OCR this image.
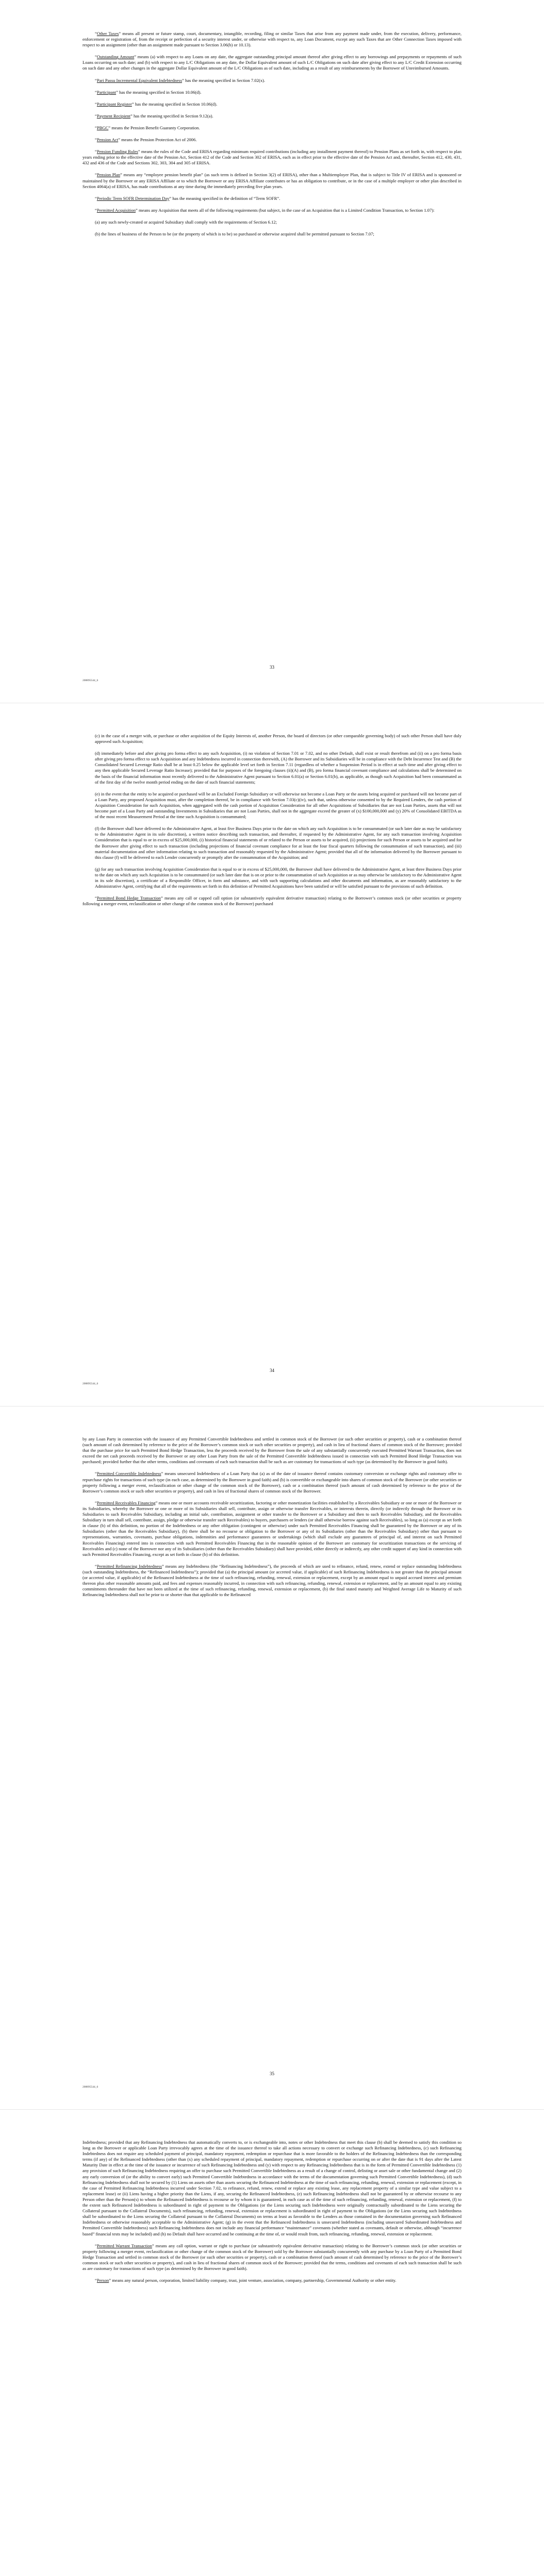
“Other Taxes” means all present or future stamp, court, documentary, intangible, recording, filing or similar Taxes that arise from any payment made under, from the execution, delivery, performance, enforcement or registration of, from the receipt or perfection of a security interest under, or otherwise with respect to, any Loan Document, except any such Taxes that are Other Connection Taxes imposed with respect to an assignment (other than an assignment made pursuant to Section 3.06(b) or 10.13).

“Outstanding Amount” means (a) with respect to any Loans on any date, the aggregate outstanding principal amount thereof after giving effect to any borrowings and prepayments or repayments of such Loans occurring on such date; and (b) with respect to any L/C Obligations on any date, the Dollar Equivalent amount of such L/C Obligations on such date after giving effect to any L/C Credit Extension occurring on such date and any other changes in the aggregate Dollar Equivalent amount of the L/C Obligations as of such date, including as a result of any reimbursements by the Borrower of Unreimbursed Amounts.

“Pari Passu Incremental Equivalent Indebtedness” has the meaning specified in Section 7.02(x).

“Participant” has the meaning specified in Section 10.06(d).

“Participant Register” has the meaning specified in Section 10.06(d).

“Payment Recipient” has the meaning specified in Section 9.12(a).

“PBGC” means the Pension Benefit Guaranty Corporation.

“Pension Act” means the Pension Protection Act of 2006.

“Pension Funding Rules” means the rules of the Code and ERISA regarding minimum required contributions (including any installment payment thereof) to Pension Plans as set forth in, with respect to plan years ending prior to the effective date of the Pension Act, Section 412 of the Code and Section 302 of ERISA, each as in effect prior to the effective date of the Pension Act and, thereafter, Section 412, 430, 431, 432 and 436 of the Code and Sections 302, 303, 304 and 305 of ERISA.

“Pension Plan” means any “employee pension benefit plan” (as such term is defined in Section 3(2) of ERISA), other than a Multiemployer Plan, that is subject to Title IV of ERISA and is sponsored or maintained by the Borrower or any ERISA Affiliate or to which the Borrower or any ERISA Affiliate contributes or has an obligation to contribute, or in the case of a multiple employer or other plan described in Section 4064(a) of ERISA, has made contributions at any time during the immediately preceding five plan years.

“Periodic Term SOFR Determination Day” has the meaning specified in the definition of “Term SOFR”.

“Permitted Acquisition” means any Acquisition that meets all of the following requirements (but subject, in the case of an Acquisition that is a Limited Condition Transaction, to Section 1.07):

(a) any such newly-created or acquired Subsidiary shall comply with the requirements of Section 6.12;

(b) the lines of business of the Person to be (or the property of which is to be) so purchased or otherwise acquired shall be permitted pursuant to Section 7.07;

33
208895544_6

(c) in the case of a merger with, or purchase or other acquisition of the Equity Interests of, another Person, the board of directors (or other comparable governing body) of such other Person shall have duly approved such Acquisition;

(d) immediately before and after giving pro forma effect to any such Acquisition, (i) no violation of Section 7.01 or 7.02, and no other Default, shall exist or result therefrom and (ii) on a pro forma basis after giving pro forma effect to such Acquisition and any Indebtedness incurred in connection therewith, (A) the Borrower and its Subsidiaries will be in compliance with the Debt Incurrence Test and (B) the Consolidated Secured Leverage Ratio shall be at least 0.25 below the applicable level set forth in Section 7.11 (regardless of whether a Suspension Period is in effect at such time and after giving effect to any then applicable Secured Leverage Ratio Increase); provided that for purposes of the foregoing clauses (ii)(A) and (B), pro forma financial covenant compliance and calculations shall be determined on the basis of the financial information most recently delivered to the Administrative Agent pursuant to Section 6.01(a) or Section 6.01(b), as applicable, as though such Acquisition had been consummated as of the first day of the twelve month period ending on the date of such financial statements;

(e) in the event that the entity to be acquired or purchased will be an Excluded Foreign Subsidiary or will otherwise not become a Loan Party or the assets being acquired or purchased will not become part of a Loan Party, any proposed Acquisition must, after the completion thereof, be in compliance with Section 7.03(c)(iv), such that, unless otherwise consented to by the Required Lenders, the cash portion of Acquisition Consideration for such Acquisition, when aggregated with the cash portion of Acquisition Consideration for all other Acquisitions of Subsidiaries that are not Loan Parties, assets that will not become part of a Loan Party and outstanding Investments in Subsidiaries that are not Loan Parties, shall not in the aggregate exceed the greater of (x) $100,000,000 and (y) 20% of Consolidated EBITDA as of the most recent Measurement Period at the time such Acquisition is consummated;

(f) the Borrower shall have delivered to the Administrative Agent, at least five Business Days prior to the date on which any such Acquisition is to be consummated (or such later date as may be satisfactory to the Administrative Agent in its sole discretion), a written notice describing such transaction, and thereafter, if requested by the Administrative Agent, for any such transaction involving Acquisition Consideration that is equal to or in excess of $25,000,000, (i) historical financial statements of or related to the Person or assets to be acquired, (ii) projections for such Person or assets to be acquired and for the Borrower after giving effect to such transaction (including projections of financial covenant compliance for at least the four fiscal quarters following the consummation of such transaction), and (iii) material documentation and other information relating to such transaction and reasonably requested by the Administrative Agent; provided that all of the information delivered by the Borrower pursuant to this clause (f) will be delivered to each Lender concurrently or promptly after the consummation of the Acquisition; and

(g) for any such transaction involving Acquisition Consideration that is equal to or in excess of $25,000,000, the Borrower shall have delivered to the Administrative Agent, at least three Business Days prior to the date on which any such Acquisition is to be consummated (or such later date that is on or prior to the consummation of such Acquisition or as may otherwise be satisfactory to the Administrative Agent in its sole discretion), a certificate of a Responsible Officer, in form and substance, and with such supporting calculations and other documents and information, as are reasonably satisfactory to the Administrative Agent, certifying that all of the requirements set forth in this definition of Permitted Acquisitions have been satisfied or will be satisfied pursuant to the provisions of such definition.

“Permitted Bond Hedge Transaction” means any call or capped call option (or substantively equivalent derivative transaction) relating to the Borrower’s common stock (or other securities or property following a merger event, reclassification or other change of the common stock of the Borrower) purchased

34
208895544_6

by any Loan Party in connection with the issuance of any Permitted Convertible Indebtedness and settled in common stock of the Borrower (or such other securities or property), cash or a combination thereof (such amount of cash determined by reference to the price of the Borrower’s common stock or such other securities or property), and cash in lieu of fractional shares of common stock of the Borrower; provided that the purchase price for such Permitted Bond Hedge Transaction, less the proceeds received by the Borrower from the sale of any substantially concurrently executed Permitted Warrant Transaction, does not exceed the net cash proceeds received by the Borrower or any other Loan Party from the sale of the Permitted Convertible Indebtedness issued in connection with such Permitted Bond Hedge Transaction was purchased; provided further that the other terms, conditions and covenants of each such transaction shall be such as are customary for transactions of such type (as determined by the Borrower in good faith).

“Permitted Convertible Indebtedness” means unsecured Indebtedness of a Loan Party that (a) as of the date of issuance thereof contains customary conversion or exchange rights and customary offer to repurchase rights for transactions of such type (in each case, as determined by the Borrower in good faith) and (b) is convertible or exchangeable into shares of common stock of the Borrower (or other securities or property following a merger event, reclassification or other change of the common stock of the Borrower), cash or a combination thereof (such amount of cash determined by reference to the price of the Borrower’s common stock or such other securities or property), and cash in lieu of fractional shares of common stock of the Borrower.

“Permitted Receivables Financing” means one or more accounts receivable securitization, factoring or other monetization facilities established by a Receivables Subsidiary or one or more of the Borrower or its Subsidiaries, whereby the Borrower or one or more of its Subsidiaries shall sell, contribute, assign or otherwise transfer Receivables, or interests therein, directly (or indirectly through the Borrower or its Subsidiaries to such Receivables Subsidiary, including an initial sale, contribution, assignment or other transfer to the Borrower or a Subsidiary and then to such Receivables Subsidiary, and the Receivables Subsidiary in turn shall sell, contribute, assign, pledge or otherwise transfer such Receivables) to buyers, purchasers or lenders (or shall otherwise borrow against such Receivables), so long as (a) except as set forth in clause (b) of this definition, no portion of the Indebtedness or any other obligation (contingent or otherwise) under such Permitted Receivables Financing shall be guaranteed by the Borrower or any of its Subsidiaries (other than the Receivables Subsidiary), (b) there shall be no recourse or obligation to the Borrower or any of its Subsidiaries (other than the Receivables Subsidiary) other than pursuant to representations, warranties, covenants, purchase obligations, indemnities and performance guarantees or undertakings (which shall exclude any guarantees of principal of, and interest on such Permitted Receivables Financing) entered into in connection with such Permitted Receivables Financing that in the reasonable opinion of the Borrower are customary for securitization transactions or the servicing of Receivables and (c) none of the Borrower nor any of its Subsidiaries (other than the Receivables Subsidiary) shall have provided, either directly or indirectly, any other credit support of any kind in connection with such Permitted Receivables Financing, except as set forth in clause (b) of this definition.

“Permitted Refinancing Indebtedness” means any Indebtedness (the “Refinancing Indebtedness”), the proceeds of which are used to refinance, refund, renew, extend or replace outstanding Indebtedness (such outstanding Indebtedness, the “Refinanced Indebtedness”); provided that (a) the principal amount (or accreted value, if applicable) of such Refinancing Indebtedness is not greater than the principal amount (or accreted value, if applicable) of the Refinanced Indebtedness at the time of such refinancing, refunding, renewal, extension or replacement, except by an amount equal to unpaid accrued interest and premium thereon plus other reasonable amounts paid, and fees and expenses reasonably incurred, in connection with such refinancing, refunding, renewal, extension or replacement, and by an amount equal to any existing commitments thereunder that have not been utilized at the time of such refinancing, refunding, renewal, extension or replacement, (b) the final stated maturity and Weighted Average Life to Maturity of such Refinancing Indebtedness shall not be prior to or shorter than that applicable to the Refinanced

35
208895544_6

Indebtedness; provided that any Refinancing Indebtedness that automatically converts to, or is exchangeable into, notes or other Indebtedness that meet this clause (b) shall be deemed to satisfy this condition so long as the Borrower or applicable Loan Party irrevocably agrees at the time of the issuance thereof to take all actions necessary to convert or exchange such Refinancing Indebtedness, (c) such Refinancing Indebtedness does not require any scheduled payment of principal, mandatory repayment, redemption or repurchase that is more favorable to the holders of the Refinancing Indebtedness than the corresponding terms (if any) of the Refinanced Indebtedness (other than (x) any scheduled repayment of principal, mandatory repayment, redemption or repurchase occurring on or after the date that is 91 days after the Latest Maturity Date in effect at the time of the issuance or incurrence of such Refinancing Indebtedness and (y) with respect to any Refinancing Indebtedness that is in the form of Permitted Convertible Indebtedness (1) any provision of such Refinancing Indebtedness requiring an offer to purchase such Permitted Convertible Indebtedness as a result of a change of control, delisting or asset sale or other fundamental change and (2) any early conversion of (or the ability to convert early) such Permitted Convertible Indebtedness in accordance with the terms of the documentation governing such Permitted Convertible Indebtedness), (d) such Refinancing Indebtedness shall not be secured by (1) Liens on assets other than assets securing the Refinanced Indebtedness at the time of such refinancing, refunding, renewal, extension or replacement (except, in the case of Permitted Refinancing Indebtedness incurred under Section 7.02, to refinance, refund, renew, extend or replace any existing lease, any replacement property of a similar type and value subject to a replacement lease) or (ii) Liens having a higher priority than the Liens, if any, securing the Refinanced Indebtedness, (e) such Refinancing Indebtedness shall not be guaranteed by or otherwise recourse to any Person other than the Person(s) to whom the Refinanced Indebtedness is recourse or by whom it is guaranteed, in each case as of the time of such refinancing, refunding, renewal, extension or replacement, (f) to the extent such Refinanced Indebtedness is subordinated in right of payment to the Obligations (or the Liens securing such Indebtedness were originally contractually subordinated to the Liens securing the Collateral pursuant to the Collateral Documents), such refinancing, refunding, renewal, extension or replacement is subordinated in right of payment to the Obligations (or the Liens securing such Indebtedness shall be subordinated to the Liens securing the Collateral pursuant to the Collateral Documents) on terms at least as favorable to the Lenders as those contained in the documentation governing such Refinanced Indebtedness or otherwise reasonably acceptable to the Administrative Agent; (g) in the event that the Refinanced Indebtedness is unsecured Indebtedness (including unsecured Subordinated Indebtedness and Permitted Convertible Indebtedness) such Refinancing Indebtedness does not include any financial performance “maintenance” covenants (whether stated as covenants, default or otherwise, although “incurrence based” financial tests may be included) and (h) no Default shall have occurred and be continuing at the time of, or would result from, such refinancing, refunding, renewal, extension or replacement.

“Permitted Warrant Transaction” means any call option, warrant or right to purchase (or substantively equivalent derivative transaction) relating to the Borrower’s common stock (or other securities or property following a merger event, reclassification or other change of the common stock of the Borrower) sold by the Borrower substantially concurrently with any purchase by a Loan Party of a Permitted Bond Hedge Transaction and settled in common stock of the Borrower (or such other securities or property), cash or a combination thereof (such amount of cash determined by reference to the price of the Borrower’s common stock or such other securities or property), and cash in lieu of fractional shares of common stock of the Borrower; provided that the terms, conditions and covenants of each such transaction shall be such as are customary for transactions of such type (as determined by the Borrower in good faith).

“Person” means any natural person, corporation, limited liability company, trust, joint venture, association, company, partnership, Governmental Authority or other entity.
